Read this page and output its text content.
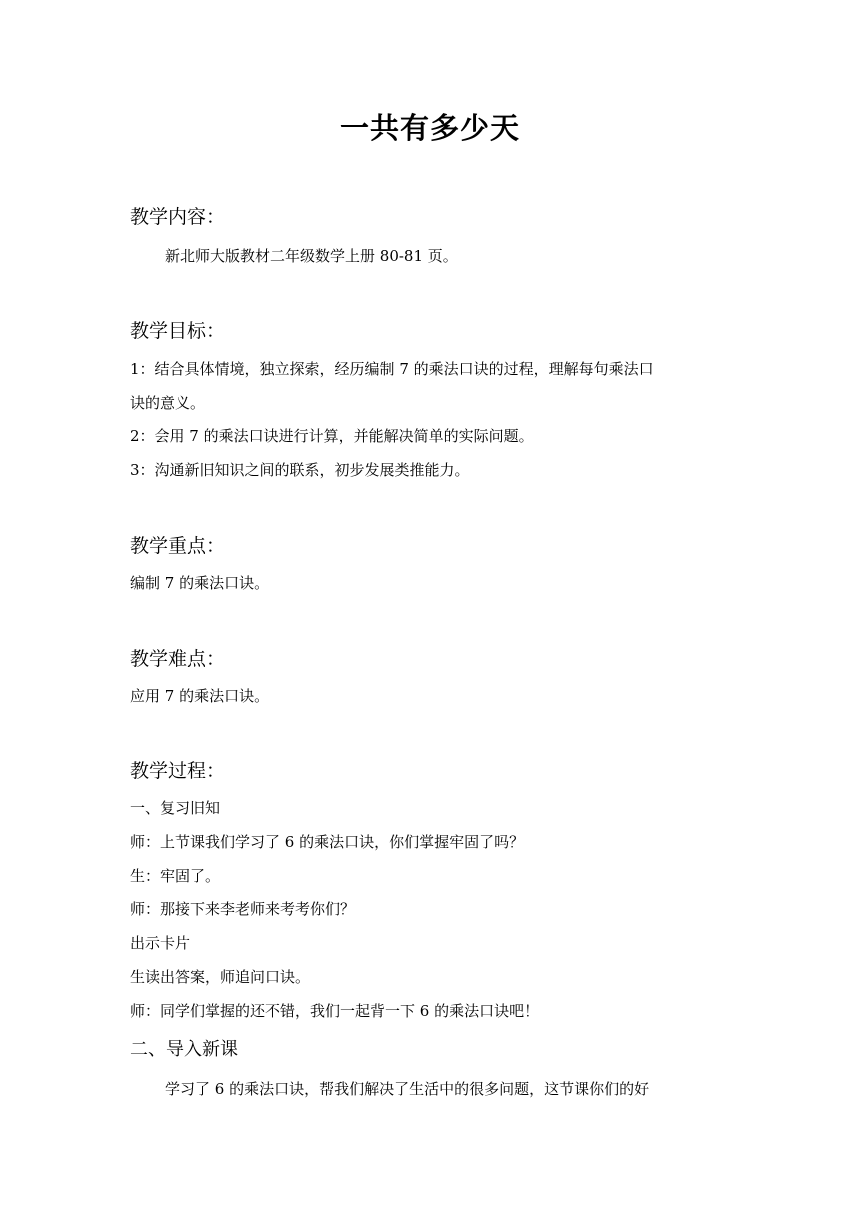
一共有多少天
教学内容：
新北师大版教材二年级数学上册 80-81 页。
教学目标：
1：结合具体情境，独立探索，经历编制 7 的乘法口诀的过程，理解每句乘法口
诀的意义。
2：会用 7 的乘法口诀进行计算，并能解决简单的实际问题。
3：沟通新旧知识之间的联系，初步发展类推能力。
教学重点：
编制 7 的乘法口诀。
教学难点：
应用 7 的乘法口诀。
教学过程：
一、复习旧知
师：上节课我们学习了 6 的乘法口诀，你们掌握牢固了吗？
生：牢固了。
师：那接下来李老师来考考你们？
出示卡片
生读出答案，师追问口诀。
师：同学们掌握的还不错，我们一起背一下 6 的乘法口诀吧！
二、导入新课
学习了 6 的乘法口诀，帮我们解决了生活中的很多问题，这节课你们的好
